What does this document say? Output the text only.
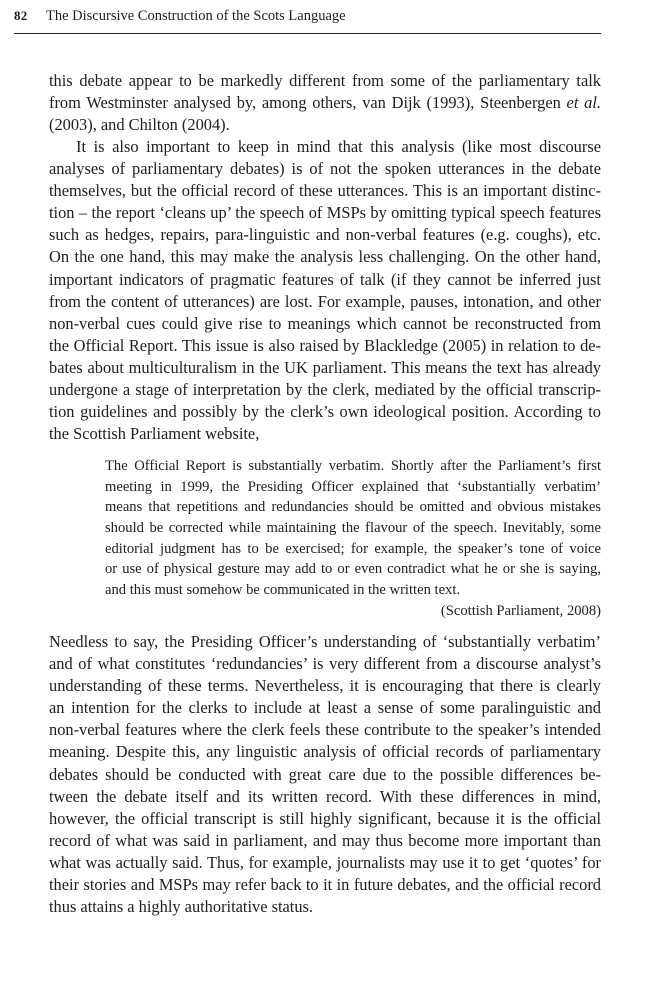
82 The Discursive Construction of the Scots Language
this debate appear to be markedly different from some of the parliamentary talk
from Westminster analysed by, among others, van Dijk (1993), Steenbergen et al.
(2003), and Chilton (2004).
It is also important to keep in mind that this analysis (like most discourse
analyses of parliamentary debates) is of not the spoken utterances in the debate
themselves, but the official record of these utterances. This is an important distinc-
tion – the report ‘cleans up’ the speech of MSPs by omitting typical speech features
such as hedges, repairs, para-linguistic and non-verbal features (e.g. coughs), etc.
On the one hand, this may make the analysis less challenging. On the other hand,
important indicators of pragmatic features of talk (if they cannot be inferred just
from the content of utterances) are lost. For example, pauses, intonation, and other
non-verbal cues could give rise to meanings which cannot be reconstructed from
the Official Report. This issue is also raised by Blackledge (2005) in relation to de-
bates about multiculturalism in the UK parliament. This means the text has already
undergone a stage of interpretation by the clerk, mediated by the official transcrip-
tion guidelines and possibly by the clerk’s own ideological position. According to
the Scottish Parliament website,
The Official Report is substantially verbatim. Shortly after the Parliament’s first
meeting in 1999, the Presiding Officer explained that ‘substantially verbatim’
means that repetitions and redundancies should be omitted and obvious mistakes
should be corrected while maintaining the flavour of the speech. Inevitably, some
editorial judgment has to be exercised; for example, the speaker’s tone of voice
or use of physical gesture may add to or even contradict what he or she is saying,
and this must somehow be communicated in the written text.
(Scottish Parliament, 2008)
Needless to say, the Presiding Officer’s understanding of ‘substantially verbatim’
and of what constitutes ‘redundancies’ is very different from a discourse analyst’s
understanding of these terms. Nevertheless, it is encouraging that there is clearly
an intention for the clerks to include at least a sense of some paralinguistic and
non-verbal features where the clerk feels these contribute to the speaker’s intended
meaning. Despite this, any linguistic analysis of official records of parliamentary
debates should be conducted with great care due to the possible differences be-
tween the debate itself and its written record. With these differences in mind,
however, the official transcript is still highly significant, because it is the official
record of what was said in parliament, and may thus become more important than
what was actually said. Thus, for example, journalists may use it to get ‘quotes’ for
their stories and MSPs may refer back to it in future debates, and the official record
thus attains a highly authoritative status.
